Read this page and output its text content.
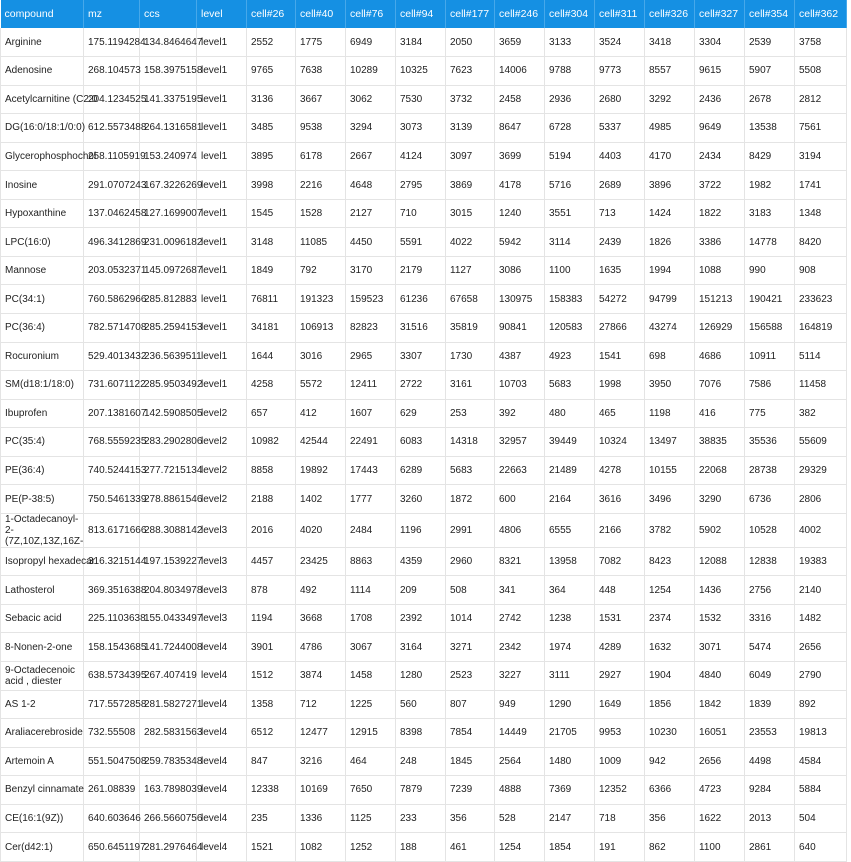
compound	mz	ccs	level	cell#26	cell#40	cell#76	cell#94	cell#177	cell#246	cell#304	cell#311	cell#326	cell#327	cell#354	cell#362
Arginine	175.1194284	134.8464647	level1	2552	1775	6949	3184	2050	3659	3133	3524	3418	3304	2539	3758
Adenosine	268.104573	158.3975158	level1	9765	7638	10289	10325	7623	14006	9788	9773	8557	9615	5907	5508
Acetylcarnitine (C2:0	204.1234525	141.3375195	level1	3136	3667	3062	7530	3732	2458	2936	2680	3292	2436	2678	2812
DG(16:0/18:1/0:0)	612.5573488	264.1316581	level1	3485	9538	3294	3073	3139	8647	6728	5337	4985	9649	13538	7561
Glycerophosphochol	258.1105919	153.240974	level1	3895	6178	2667	4124	3097	3699	5194	4403	4170	2434	8429	3194
Inosine	291.0707243	167.3226269	level1	3998	2216	4648	2795	3869	4178	5716	2689	3896	3722	1982	1741
Hypoxanthine	137.0462458	127.1699007	level1	1545	1528	2127	710	3015	1240	3551	713	1424	1822	3183	1348
LPC(16:0)	496.3412869	231.0096182	level1	3148	11085	4450	5591	4022	5942	3114	2439	1826	3386	14778	8420
Mannose	203.0532371	145.0972687	level1	1849	792	3170	2179	1127	3086	1100	1635	1994	1088	990	908
PC(34:1)	760.5862966	285.812883	level1	76811	191323	159523	61236	67658	130975	158383	54272	94799	151213	190421	233623
PC(36:4)	782.5714708	285.2594153	level1	34181	106913	82823	31516	35819	90841	120583	27866	43274	126929	156588	164819
Rocuronium	529.4013432	236.5639511	level1	1644	3016	2965	3307	1730	4387	4923	1541	698	4686	10911	5114
SM(d18:1/18:0)	731.6071122	285.9503492	level1	4258	5572	12411	2722	3161	10703	5683	1998	3950	7076	7586	11458
Ibuprofen	207.1381607	142.5908505	level2	657	412	1607	629	253	392	480	465	1198	416	775	382
PC(35:4)	768.5559235	283.2902806	level2	10982	42544	22491	6083	14318	32957	39449	10324	13497	38835	35536	55609
PE(36:4)	740.5244153	277.7215134	level2	8858	19892	17443	6289	5683	22663	21489	4278	10155	22068	28738	29329
PE(P-38:5)	750.5461339	278.8861546	level2	2188	1402	1777	3260	1872	600	2164	3616	3496	3290	6736	2806
1-Octadecanoyl-2-(7Z,10Z,13Z,16Z-	813.6171666	288.3088142	level3	2016	4020	2484	1196	2991	4806	6555	2166	3782	5902	10528	4002
Isopropyl hexadecar	316.3215144	197.1539227	level3	4457	23425	8863	4359	2960	8321	13958	7082	8423	12088	12838	19383
Lathosterol	369.3516388	204.8034978	level3	878	492	1114	209	508	341	364	448	1254	1436	2756	2140
Sebacic acid	225.1103638	155.0433497	level3	1194	3668	1708	2392	1014	2742	1238	1531	2374	1532	3316	1482
8-Nonen-2-one	158.1543685	141.7244008	level4	3901	4786	3067	3164	3271	2342	1974	4289	1632	3071	5474	2656
9-Octadecenoic acid , diester	638.5734395	267.407419	level4	1512	3874	1458	1280	2523	3227	3111	2927	1904	4840	6049	2790
AS 1-2	717.5572858	281.5827271	level4	1358	712	1225	560	807	949	1290	1649	1856	1842	1839	892
Araliacerebroside	732.55508	282.5831563	level4	6512	12477	12915	8398	7854	14449	21705	9953	10230	16051	23553	19813
Artemoin A	551.5047508	259.7835348	level4	847	3216	464	248	1845	2564	1480	1009	942	2656	4498	4584
Benzyl cinnamate	261.08839	163.7898039	level4	12338	10169	7650	7879	7239	4888	7369	12352	6366	4723	9284	5884
CE(16:1(9Z))	640.603646	266.5660756	level4	235	1336	1125	233	356	528	2147	718	356	1622	2013	504
Cer(d42:1)	650.6451197	281.2976464	level4	1521	1082	1252	188	461	1254	1854	191	862	1100	2861	640
